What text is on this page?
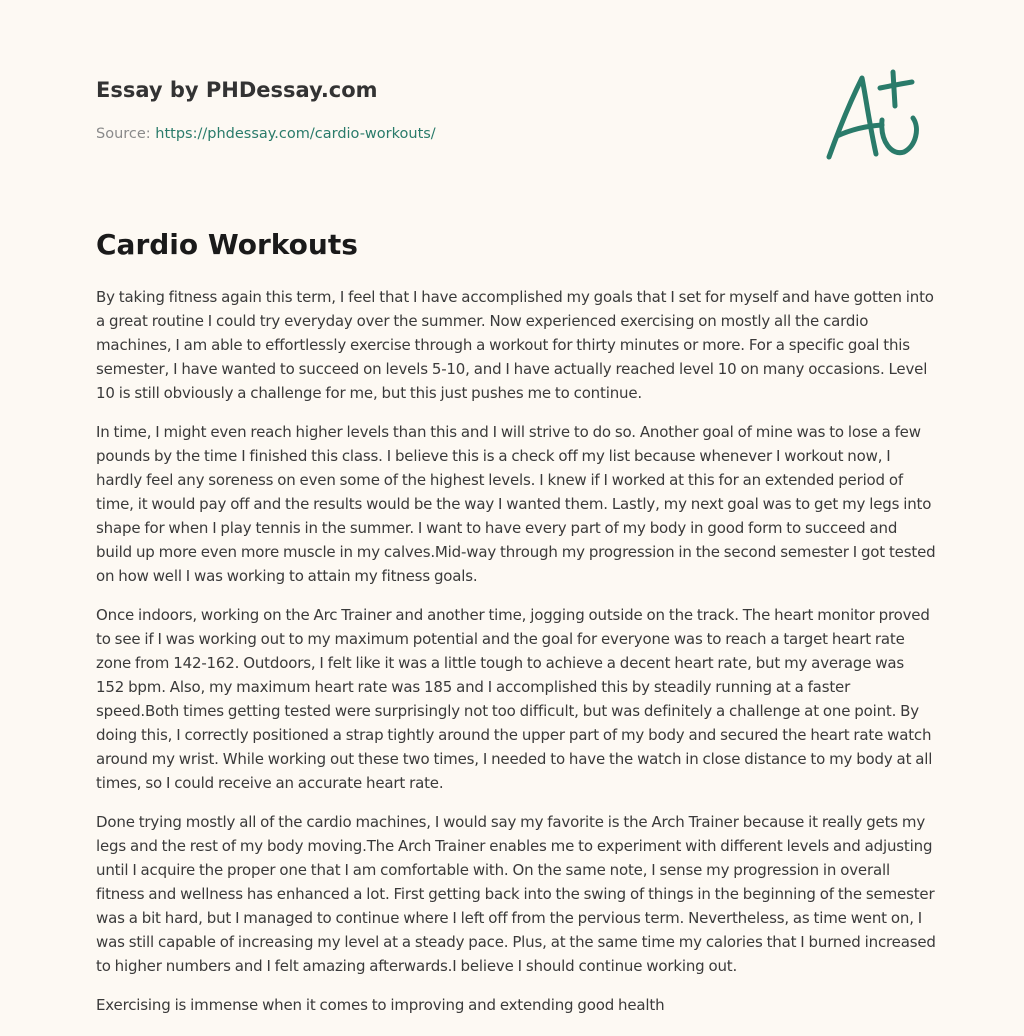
Essay by PHDessay.com
Source: https://phdessay.com/cardio-workouts/
Cardio Workouts

By taking fitness again this term, I feel that I have accomplished my goals that I set for myself and have gotten into a great routine I could try everyday over the summer. Now experienced exercising on mostly all the cardio machines, I am able to effortlessly exercise through a workout for thirty minutes or more. For a specific goal this semester, I have wanted to succeed on levels 5-10, and I have actually reached level 10 on many occasions. Level 10 is still obviously a challenge for me, but this just pushes me to continue.

In time, I might even reach higher levels than this and I will strive to do so. Another goal of mine was to lose a few pounds by the time I finished this class. I believe this is a check off my list because whenever I workout now, I hardly feel any soreness on even some of the highest levels. I knew if I worked at this for an extended period of time, it would pay off and the results would be the way I wanted them. Lastly, my next goal was to get my legs into shape for when I play tennis in the summer. I want to have every part of my body in good form to succeed and build up more even more muscle in my calves.Mid-way through my progression in the second semester I got tested on how well I was working to attain my fitness goals.

Once indoors, working on the Arc Trainer and another time, jogging outside on the track. The heart monitor proved to see if I was working out to my maximum potential and the goal for everyone was to reach a target heart rate zone from 142-162. Outdoors, I felt like it was a little tough to achieve a decent heart rate, but my average was 152 bpm. Also, my maximum heart rate was 185 and I accomplished this by steadily running at a faster speed.Both times getting tested were surprisingly not too difficult, but was definitely a challenge at one point. By doing this, I correctly positioned a strap tightly around the upper part of my body and secured the heart rate watch around my wrist. While working out these two times, I needed to have the watch in close distance to my body at all times, so I could receive an accurate heart rate.

Done trying mostly all of the cardio machines, I would say my favorite is the Arch Trainer because it really gets my legs and the rest of my body moving.The Arch Trainer enables me to experiment with different levels and adjusting until I acquire the proper one that I am comfortable with. On the same note, I sense my progression in overall fitness and wellness has enhanced a lot. First getting back into the swing of things in the beginning of the semester was a bit hard, but I managed to continue where I left off from the pervious term. Nevertheless, as time went on, I was still capable of increasing my level at a steady pace. Plus, at the same time my calories that I burned increased to higher numbers and I felt amazing afterwards.I believe I should continue working out.

Exercising is immense when it comes to improving and extending good health
